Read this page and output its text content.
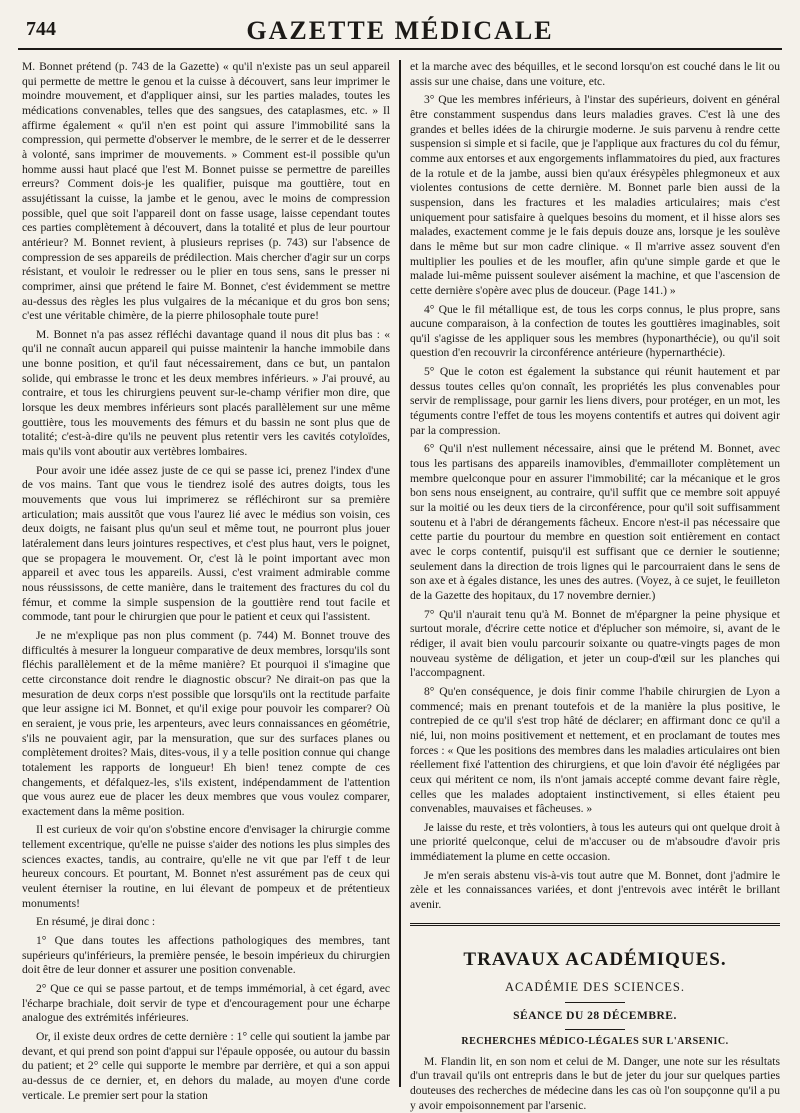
744	GAZETTE MÉDICALE

M. Bonnet prétend (p. 743 de la Gazette) « qu'il n'existe pas un seul appareil qui permette de mettre le genou et la cuisse à découvert, sans leur imprimer le moindre mouvement, et d'appliquer ainsi, sur les parties malades, toutes les médications convenables, telles que des sangsues, des cataplasmes, etc. » Il affirme également « qu'il n'en est point qui assure l'immobilité sans la compression, qui permette d'observer le membre, de le serrer et de le desserrer à volonté, sans imprimer de mouvements. » Comment est-il possible qu'un homme aussi haut placé que l'est M. Bonnet puisse se permettre de pareilles erreurs? Comment dois-je les qualifier, puisque ma gouttière, tout en assujétissant la cuisse, la jambe et le genou, avec le moins de compression possible, quel que soit l'appareil dont on fasse usage, laisse cependant toutes ces parties complètement à découvert, dans la totalité et plus de leur pourtour antérieur? M. Bonnet revient, à plusieurs reprises (p. 743) sur l'absence de compression de ses appareils de prédilection. Mais chercher d'agir sur un corps résistant, et vouloir le redresser ou le plier en tous sens, sans le presser ni comprimer, ainsi que prétend le faire M. Bonnet, c'est évidemment se mettre au-dessus des règles les plus vulgaires de la mécanique et du gros bon sens; c'est une véritable chimère, de la pierre philosophale toute pure!

M. Bonnet n'a pas assez réfléchi davantage quand il nous dit plus bas : « qu'il ne connaît aucun appareil qui puisse maintenir la hanche immobile dans une bonne position, et qu'il faut nécessairement, dans ce but, un pantalon solide, qui embrasse le tronc et les deux membres inférieurs. » J'ai prouvé, au contraire, et tous les chirurgiens peuvent sur-le-champ vérifier mon dire, que lorsque les deux membres inférieurs sont placés parallèlement sur une même gouttière, tous les mouvements des fémurs et du bassin ne sont plus que de totalité; c'est-à-dire qu'ils ne peuvent plus retentir vers les cavités cotyloïdes, mais qu'ils vont aboutir aux vertèbres lombaires.

Pour avoir une idée assez juste de ce qui se passe ici, prenez l'index d'une de vos mains. Tant que vous le tiendrez isolé des autres doigts, tous les mouvements que vous lui imprimerez se réfléchiront sur sa première articulation; mais aussitôt que vous l'aurez lié avec le médius son voisin, ces deux doigts, ne faisant plus qu'un seul et même tout, ne pourront plus jouer latéralement dans leurs jointures respectives, et c'est plus haut, vers le poignet, que se propagera le mouvement. Or, c'est là le point important avec mon appareil et avec tous les appareils. Aussi, c'est vraiment admirable comme nous réussissons, de cette manière, dans le traitement des fractures du col du fémur, et comme la simple suspension de la gouttière rend tout facile et commode, tant pour le chirurgien que pour le patient et ceux qui l'assistent.

Je ne m'explique pas non plus comment (p. 744) M. Bonnet trouve des difficultés à mesurer la longueur comparative de deux membres, lorsqu'ils sont fléchis parallèlement et de la même manière? Et pourquoi il s'imagine que cette circonstance doit rendre le diagnostic obscur? Ne dirait-on pas que la mesuration de deux corps n'est possible que lorsqu'ils ont la rectitude parfaite que leur assigne ici M. Bonnet, et qu'il exige pour pouvoir les comparer? Où en seraient, je vous prie, les arpenteurs, avec leurs connaissances en géométrie, s'ils ne pouvaient agir, par la mensuration, que sur des surfaces planes ou complètement droites? Mais, dites-vous, il y a telle position connue qui change totalement les rapports de longueur! Eh bien! tenez compte de ces changements, et défalquez-les, s'ils existent, indépendamment de l'attention que vous aurez eue de placer les deux membres que vous voulez comparer, exactement dans la même position.

Il est curieux de voir qu'on s'obstine encore d'envisager la chirurgie comme tellement excentrique, qu'elle ne puisse s'aider des notions les plus simples des sciences exactes, tandis, au contraire, qu'elle ne vit que par l'eff t de leur heureux concours. Et pourtant, M. Bonnet n'est assurément pas de ceux qui veulent éterniser la routine, en lui élevant de pompeux et de prétentieux monuments!

En résumé, je dirai donc :

1° Que dans toutes les affections pathologiques des membres, tant supérieurs qu'inférieurs, la première pensée, le besoin impérieux du chirurgien doit être de leur donner et assurer une position convenable.

2° Que ce qui se passe partout, et de temps immémorial, à cet égard, avec l'écharpe brachiale, doit servir de type et d'encouragement pour une écharpe analogue des extrémités inférieures.

Or, il existe deux ordres de cette dernière : 1° celle qui soutient la jambe par devant, et qui prend son point d'appui sur l'épaule opposée, ou autour du bassin du patient; et 2° celle qui supporte le membre par derrière, et qui a son appui au-dessus de ce dernier, et, en dehors du malade, au moyen d'une corde verticale. Le premier sert pour la station

et la marche avec des béquilles, et le second lorsqu'on est couché dans le lit ou assis sur une chaise, dans une voiture, etc.

3° Que les membres inférieurs, à l'instar des supérieurs, doivent en général être constamment suspendus dans leurs maladies graves. C'est là une des grandes et belles idées de la chirurgie moderne. Je suis parvenu à rendre cette suspension si simple et si facile, que je l'applique aux fractures du col du fémur, comme aux entorses et aux engorgements inflammatoires du pied, aux fractures de la rotule et de la jambe, aussi bien qu'aux érésypèles phlegmoneux et aux violentes contusions de cette dernière. M. Bonnet parle bien aussi de la suspension, dans les fractures et les maladies articulaires; mais c'est uniquement pour satisfaire à quelques besoins du moment, et il hisse alors ses malades, exactement comme je le fais depuis douze ans, lorsque je les soulève dans le même but sur mon cadre clinique. « Il m'arrive assez souvent d'en multiplier les poulies et de les moufler, afin qu'une simple garde et que le malade lui-même puissent soulever aisément la machine, et que l'ascension de cette dernière s'opère avec plus de douceur. (Page 141.) »

4° Que le fil métallique est, de tous les corps connus, le plus propre, sans aucune comparaison, à la confection de toutes les gouttières imaginables, soit qu'il s'agisse de les appliquer sous les membres (hyponarthécie), ou qu'il soit question d'en recouvrir la circonférence antérieure (hypernarthécie).

5° Que le coton est également la substance qui réunit hautement et par dessus toutes celles qu'on connaît, les propriétés les plus convenables pour servir de remplissage, pour garnir les liens divers, pour protéger, en un mot, les téguments contre l'effet de tous les moyens contentifs et autres qui doivent agir par la compression.

6° Qu'il n'est nullement nécessaire, ainsi que le prétend M. Bonnet, avec tous les partisans des appareils inamovibles, d'emmailloter complètement un membre quelconque pour en assurer l'immobilité; car la mécanique et le gros bon sens nous enseignent, au contraire, qu'il suffit que ce membre soit appuyé sur la moitié ou les deux tiers de la circonférence, pour qu'il soit suffisamment soutenu et à l'abri de dérangements fâcheux. Encore n'est-il pas nécessaire que cette partie du pourtour du membre en question soit entièrement en contact avec le corps contentif, puisqu'il est suffisant que ce dernier le soutienne; seulement dans la direction de trois lignes qui le parcourraient dans le sens de son axe et à égales distance, les unes des autres. (Voyez, à ce sujet, le feuilleton de la Gazette des hopitaux, du 17 novembre dernier.)

7° Qu'il n'aurait tenu qu'à M. Bonnet de m'épargner la peine physique et surtout morale, d'écrire cette notice et d'éplucher son mémoire, si, avant de le rédiger, il avait bien voulu parcourir soixante ou quatre-vingts pages de mon nouveau système de déligation, et jeter un coup-d'œil sur les planches qui l'accompagnent.

8° Qu'en conséquence, je dois finir comme l'habile chirurgien de Lyon a commencé; mais en prenant toutefois et de la manière la plus positive, le contrepied de ce qu'il s'est trop hâté de déclarer; en affirmant donc ce qu'il a nié, lui, non moins positivement et nettement, et en proclamant de toutes mes forces : « Que les positions des membres dans les maladies articulaires ont bien réellement fixé l'attention des chirurgiens, et que loin d'avoir été négligées par ceux qui méritent ce nom, ils n'ont jamais accepté comme devant faire règle, celles que les malades adoptaient instinctivement, si elles étaient peu convenables, mauvaises et fâcheuses. »

Je laisse du reste, et très volontiers, à tous les auteurs qui ont quelque droit à une priorité quelconque, celui de m'accuser ou de m'absoudre d'avoir pris immédiatement la plume en cette occasion.

Je m'en serais abstenu vis-à-vis tout autre que M. Bonnet, dont j'admire le zèle et les connaissances variées, et dont j'entrevois avec intérêt le brillant avenir.

TRAVAUX ACADÉMIQUES.
ACADÉMIE DES SCIENCES.
SÉANCE DU 28 DÉCEMBRE.
RECHERCHES MÉDICO-LÉGALES SUR L'ARSENIC.

M. Flandin lit, en son nom et celui de M. Danger, une note sur les résultats d'un travail qu'ils ont entrepris dans le but de jeter du jour sur quelques parties douteuses des recherches de médecine dans les cas où l'on soupçonne qu'il a pu y avoir empoisonnement par l'arsenic.
